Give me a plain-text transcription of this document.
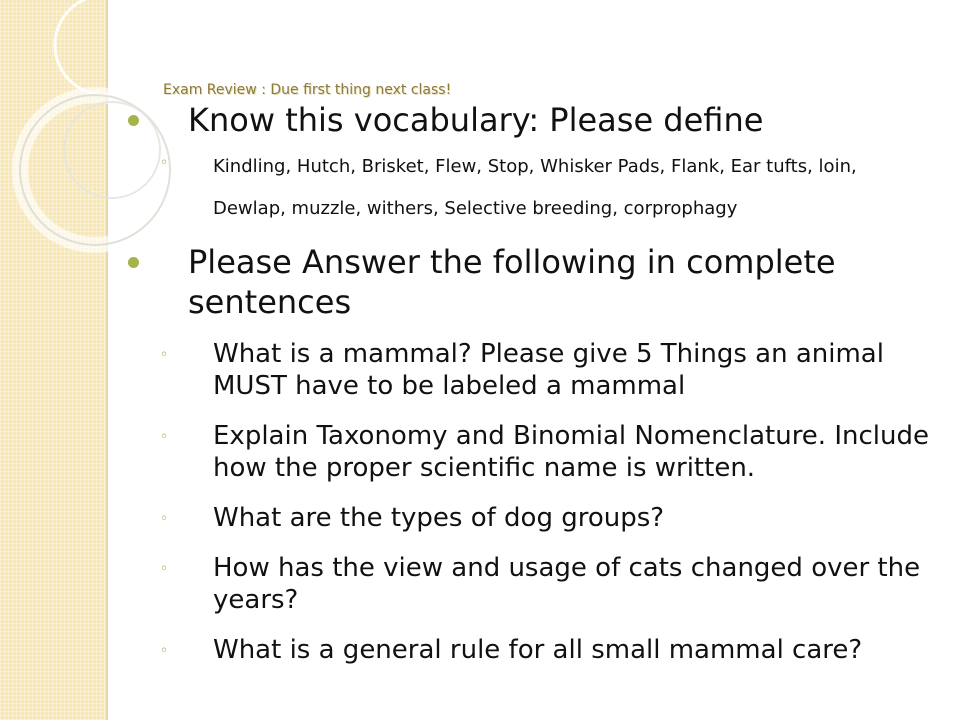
Exam Review : Due first thing next class!
Know this vocabulary: Please define
◦ Kindling, Hutch, Brisket, Flew, Stop, Whisker Pads, Flank, Ear tufts, loin,
Dewlap, muzzle, withers, Selective breeding, corprophagy
Please Answer the following in complete sentences
◦ What is a mammal? Please give 5 Things an animal MUST have to be labeled a mammal
◦ Explain Taxonomy and Binomial Nomenclature. Include how the proper scientific name is written.
◦ What are the types of dog groups?
◦ How has the view and usage of cats changed over the years?
◦ What is a general rule for all small mammal care?
